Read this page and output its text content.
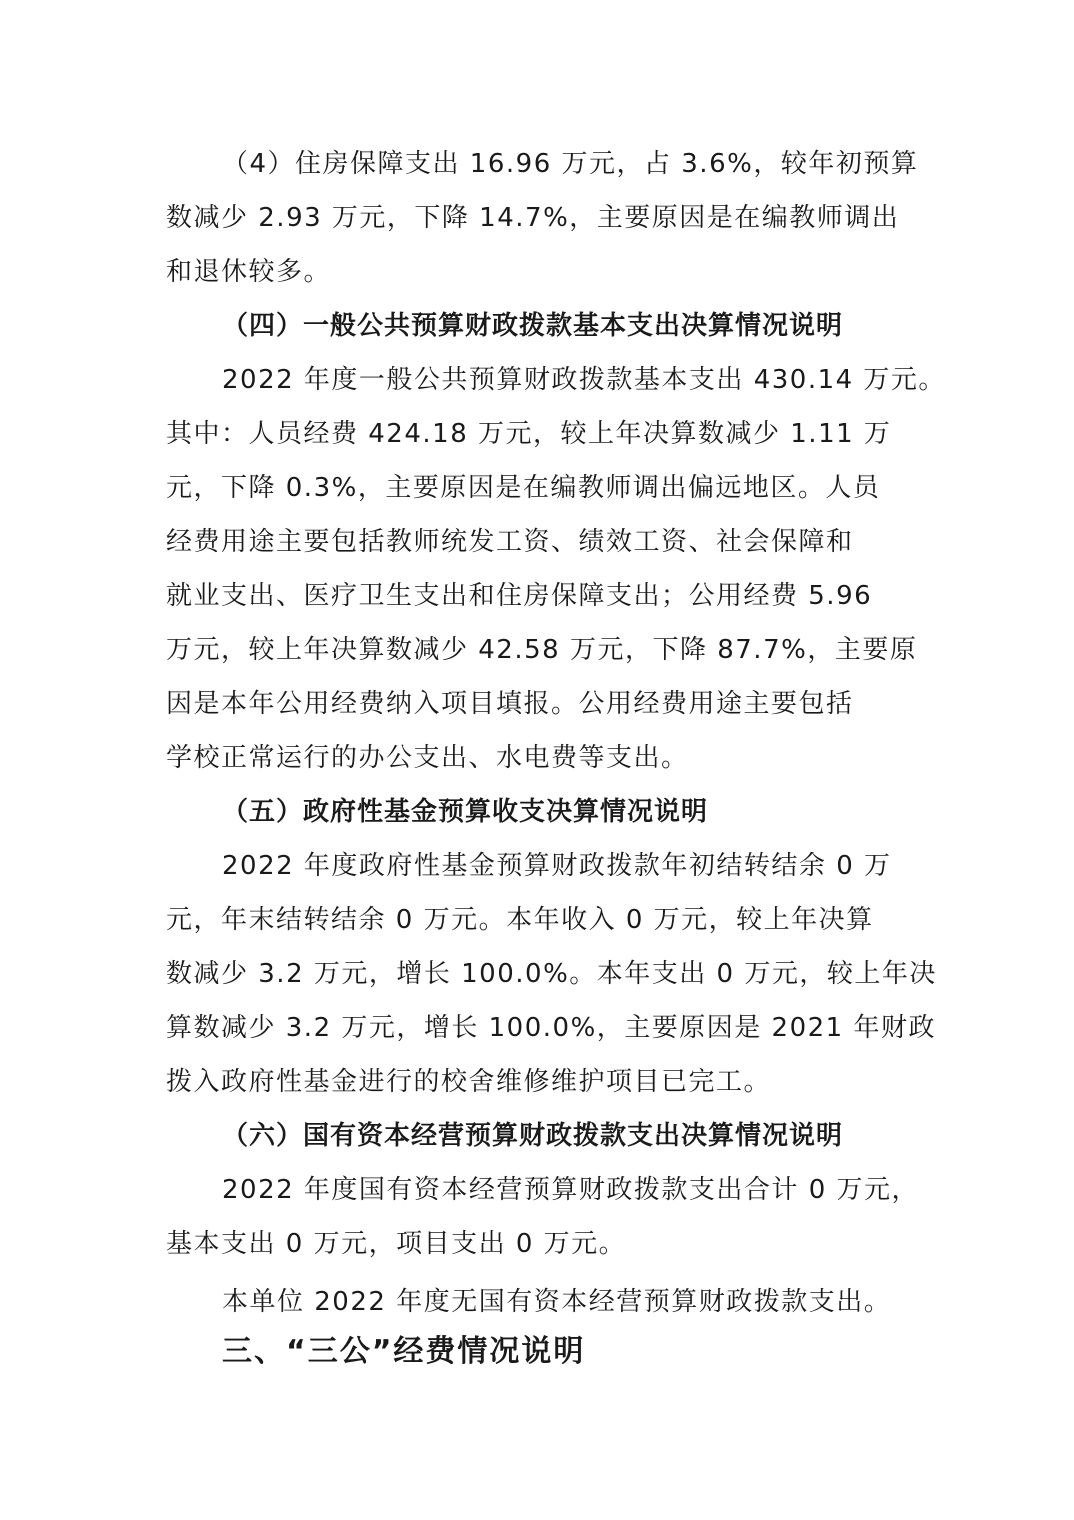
（4）住房保障支出 16.96 万元，占 3.6%，较年初预算

数减少 2.93 万元，下降 14.7%，主要原因是在编教师调出

和退休较多。

（四）一般公共预算财政拨款基本支出决算情况说明

2022 年度一般公共预算财政拨款基本支出 430.14 万元。

其中：人员经费 424.18 万元，较上年决算数减少 1.11 万

元，下降 0.3%，主要原因是在编教师调出偏远地区。人员

经费用途主要包括教师统发工资、绩效工资、社会保障和

就业支出、医疗卫生支出和住房保障支出；公用经费 5.96

万元，较上年决算数减少 42.58 万元，下降 87.7%，主要原

因是本年公用经费纳入项目填报。公用经费用途主要包括

学校正常运行的办公支出、水电费等支出。

（五）政府性基金预算收支决算情况说明

2022 年度政府性基金预算财政拨款年初结转结余 0 万

元，年末结转结余 0 万元。本年收入 0 万元，较上年决算

数减少 3.2 万元，增长 100.0%。本年支出 0 万元，较上年决

算数减少 3.2 万元，增长 100.0%，主要原因是 2021 年财政

拨入政府性基金进行的校舍维修维护项目已完工。

（六）国有资本经营预算财政拨款支出决算情况说明

2022 年度国有资本经营预算财政拨款支出合计 0 万元，

基本支出 0 万元，项目支出 0 万元。

本单位 2022 年度无国有资本经营预算财政拨款支出。

三、“三公”经费情况说明
